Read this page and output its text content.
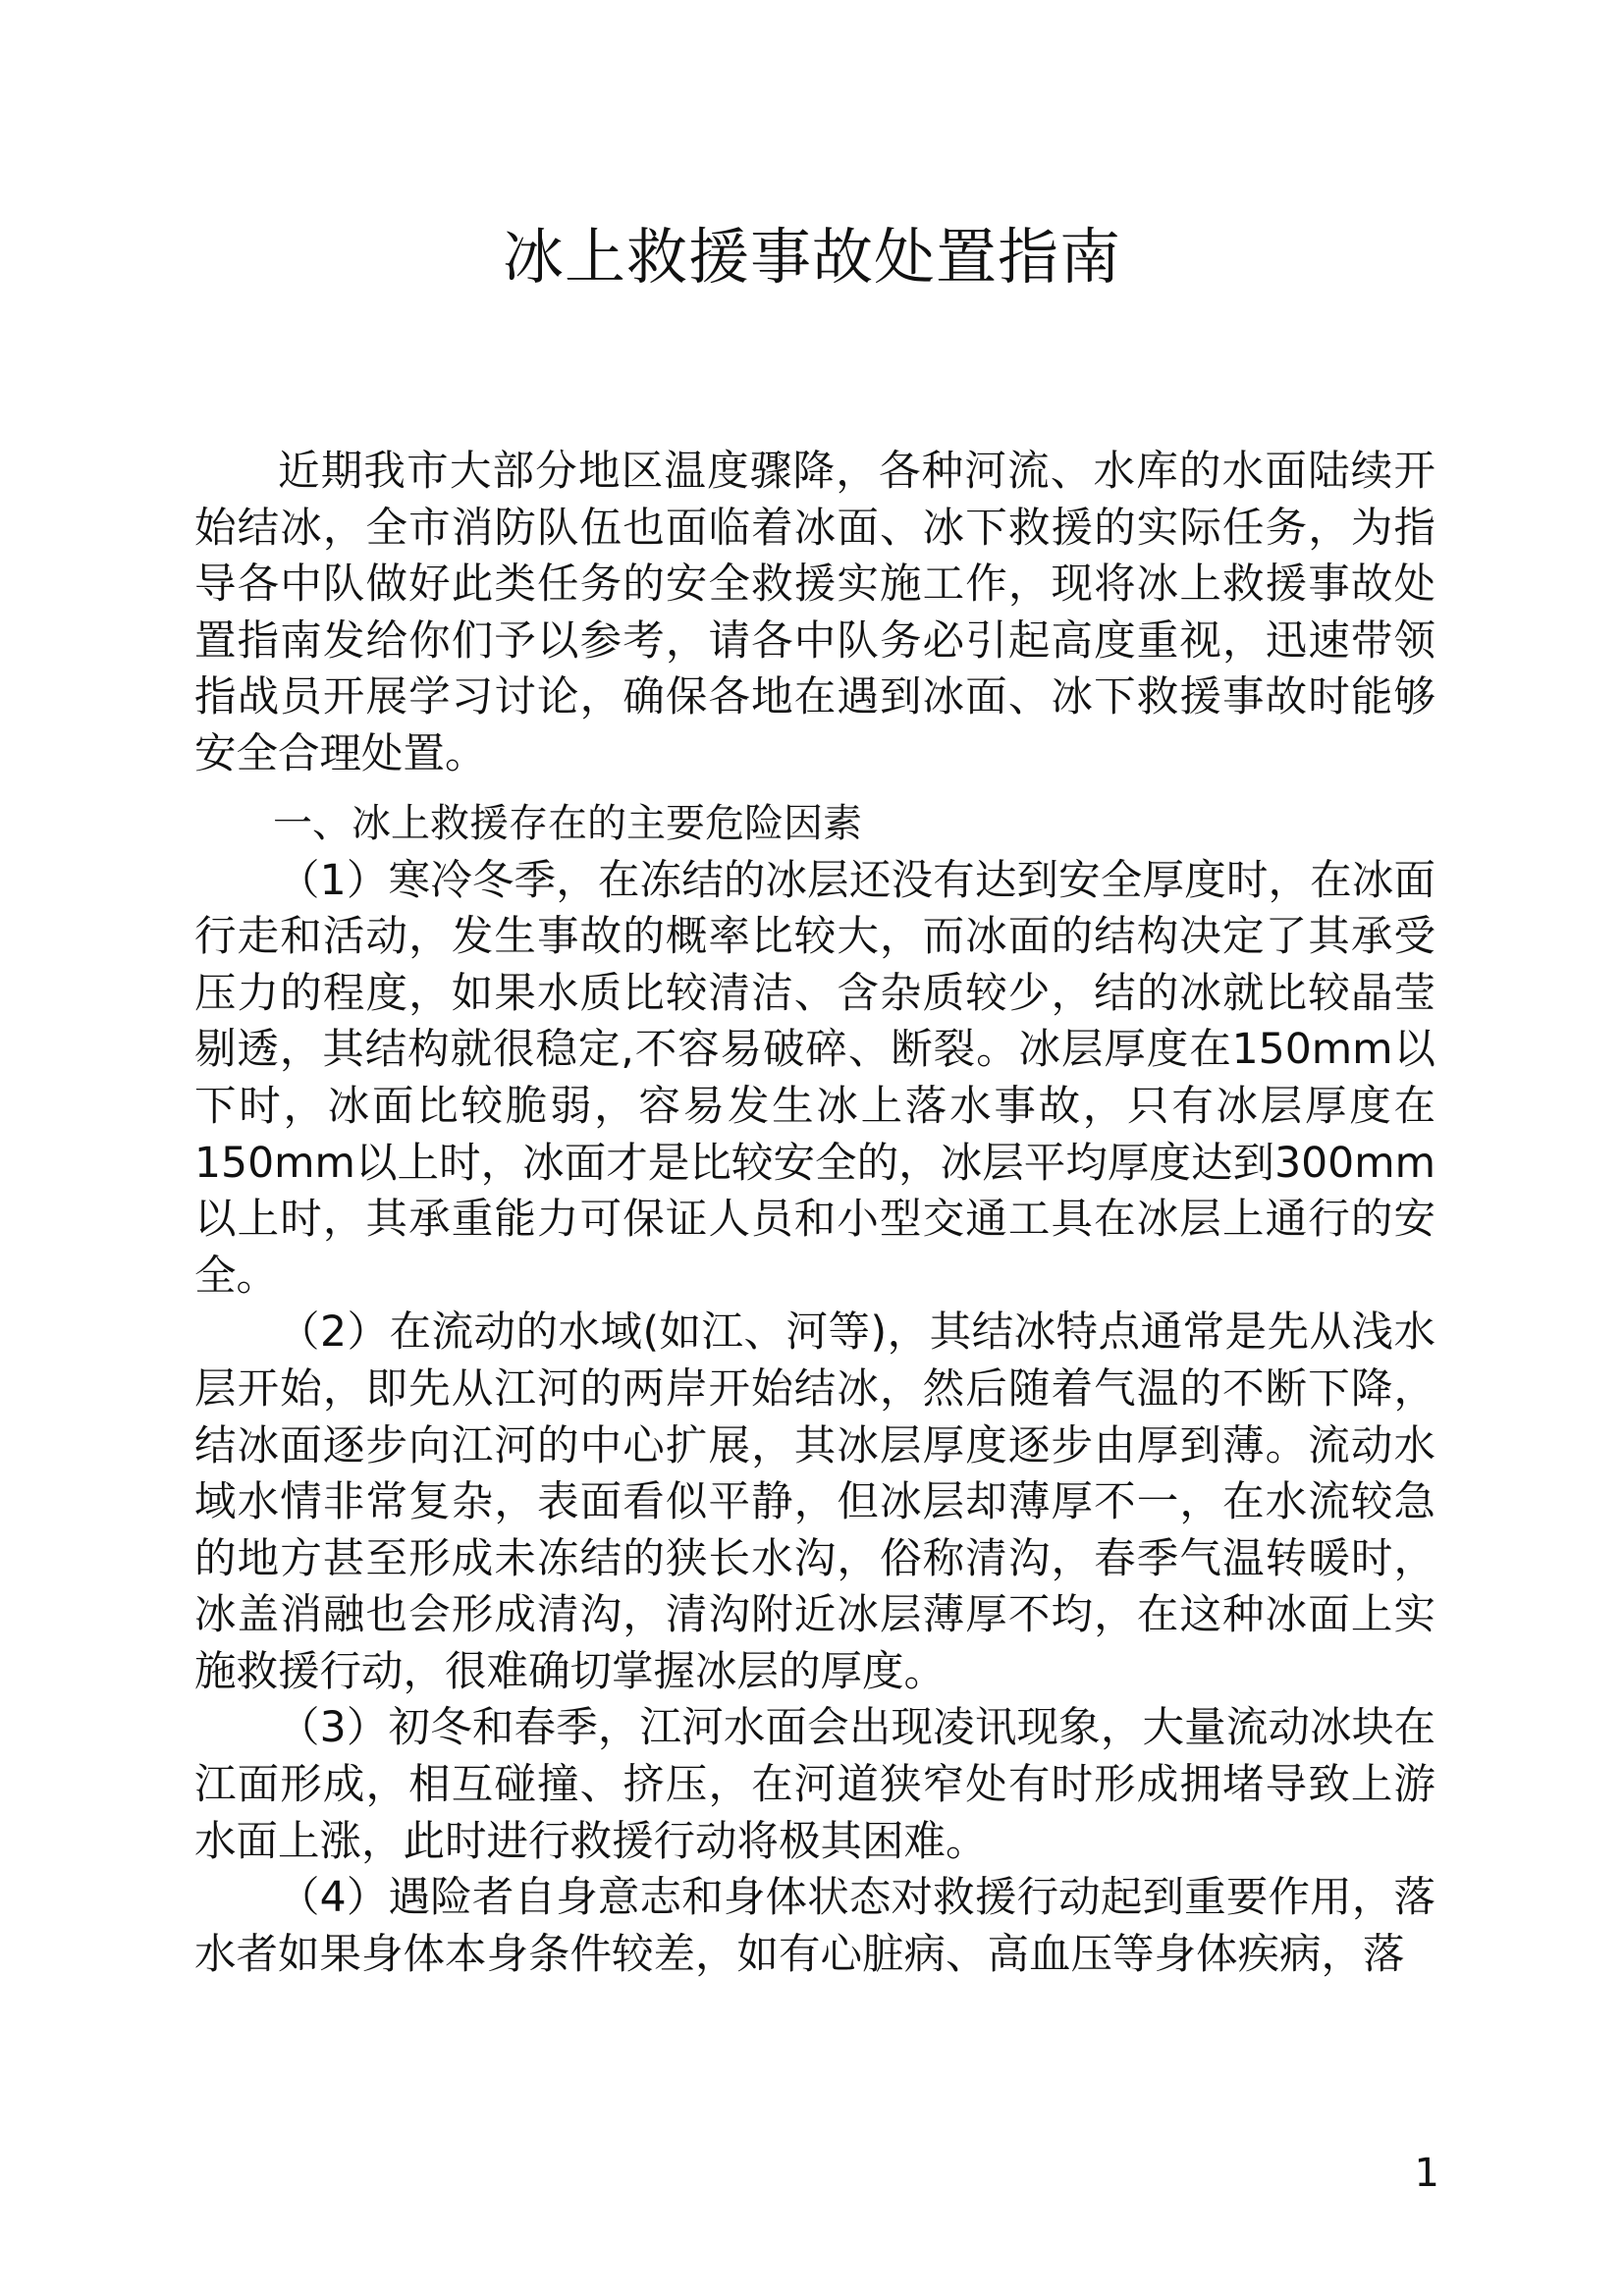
冰上救援事故处置指南

近期我市大部分地区温度骤降，各种河流、水库的水面陆续开始结冰，全市消防队伍也面临着冰面、冰下救援的实际任务，为指导各中队做好此类任务的安全救援实施工作，现将冰上救援事故处置指南发给你们予以参考，请各中队务必引起高度重视，迅速带领指战员开展学习讨论，确保各地在遇到冰面、冰下救援事故时能够安全合理处置。

一、冰上救援存在的主要危险因素

（1）寒冷冬季，在冻结的冰层还没有达到安全厚度时，在冰面行走和活动，发生事故的概率比较大，而冰面的结构决定了其承受压力的程度，如果水质比较清洁、含杂质较少，结的冰就比较晶莹剔透，其结构就很稳定,不容易破碎、断裂。冰层厚度在150mm以下时，冰面比较脆弱，容易发生冰上落水事故，只有冰层厚度在150mm以上时，冰面才是比较安全的，冰层平均厚度达到300mm以上时，其承重能力可保证人员和小型交通工具在冰层上通行的安全。

（2）在流动的水域(如江、河等)，其结冰特点通常是先从浅水层开始，即先从江河的两岸开始结冰，然后随着气温的不断下降，结冰面逐步向江河的中心扩展，其冰层厚度逐步由厚到薄。流动水域水情非常复杂，表面看似平静，但冰层却薄厚不一，在水流较急的地方甚至形成未冻结的狭长水沟，俗称清沟，春季气温转暖时，冰盖消融也会形成清沟，清沟附近冰层薄厚不均，在这种冰面上实施救援行动，很难确切掌握冰层的厚度。

（3）初冬和春季，江河水面会出现凌讯现象，大量流动冰块在江面形成，相互碰撞、挤压，在河道狭窄处有时形成拥堵导致上游水面上涨，此时进行救援行动将极其困难。

（4）遇险者自身意志和身体状态对救援行动起到重要作用，落水者如果身体本身条件较差，如有心脏病、高血压等身体疾病，落

1
